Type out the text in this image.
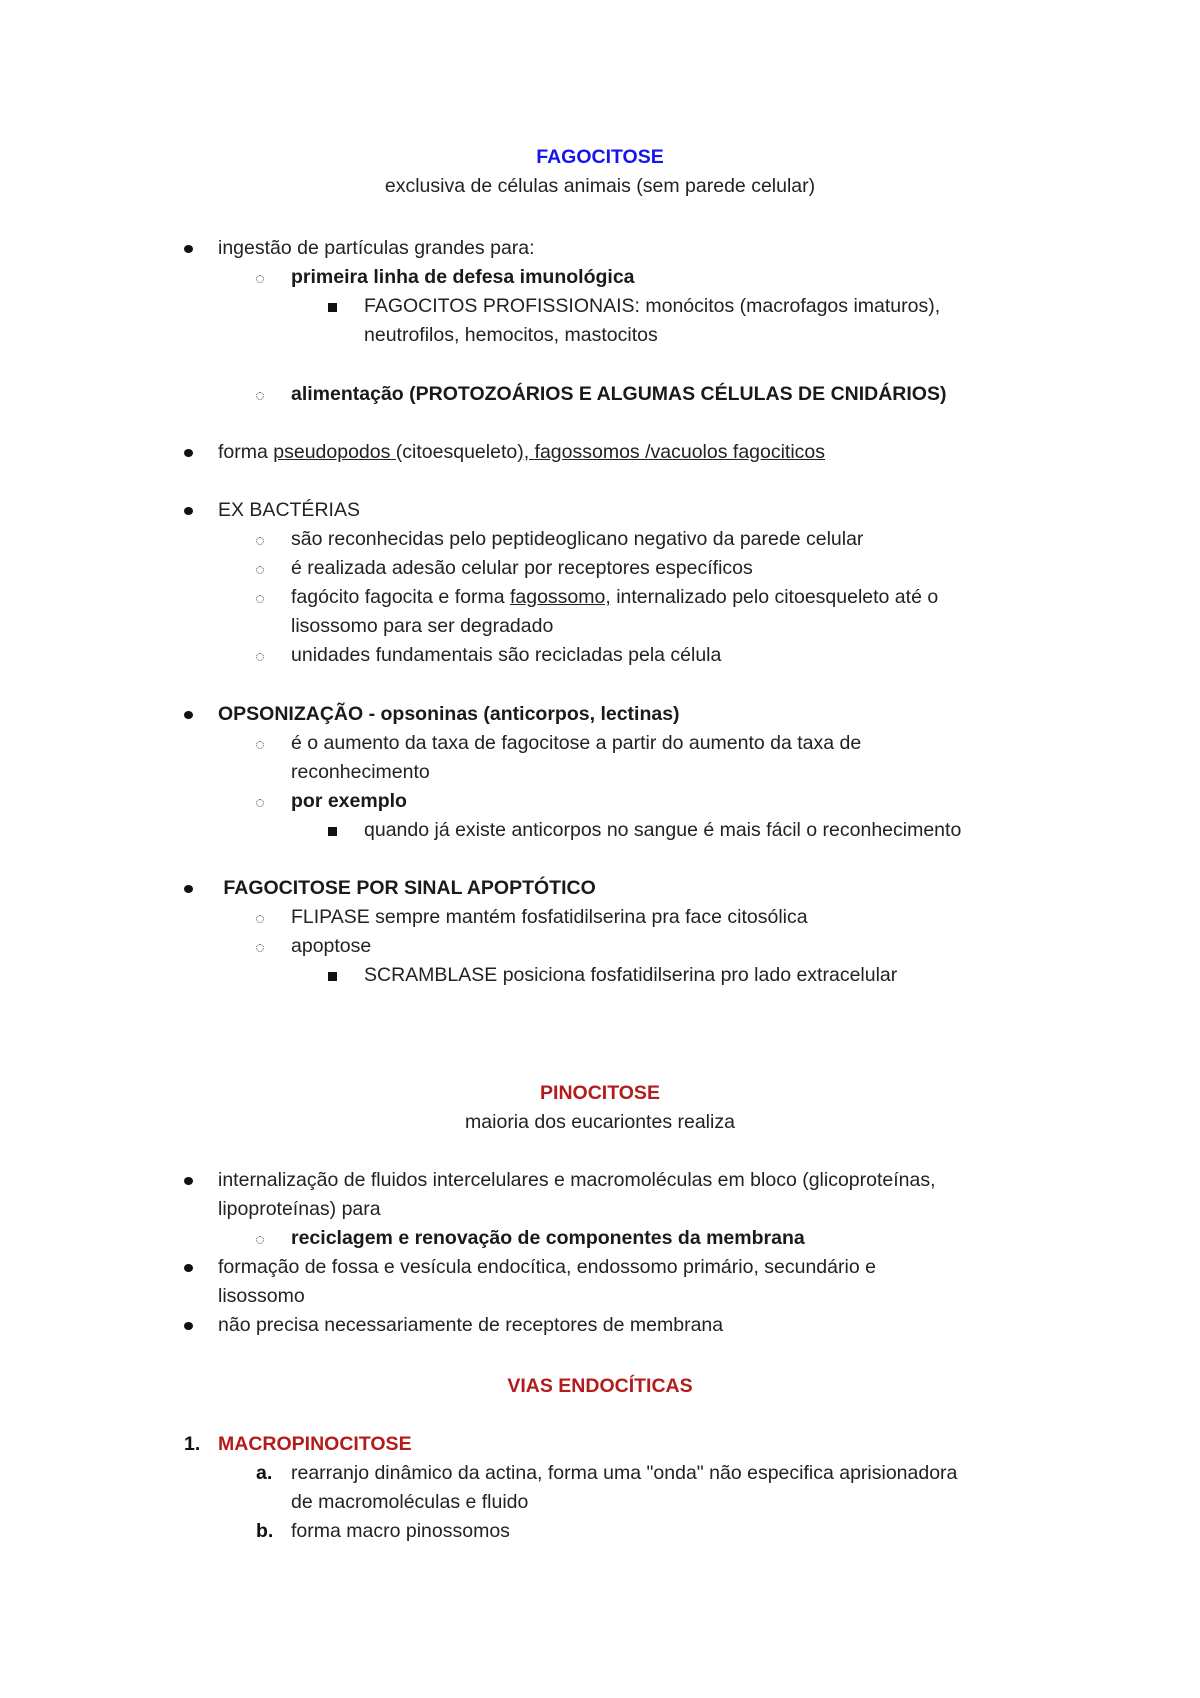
FAGOCITOSE
exclusiva de células animais (sem parede celular)
ingestão de partículas grandes para:
primeira linha de defesa imunológica
FAGOCITOS PROFISSIONAIS: monócitos (macrofagos imaturos),
neutrofilos, hemocitos, mastocitos
alimentação (PROTOZOÁRIOS E ALGUMAS CÉLULAS DE CNIDÁRIOS)
forma pseudopodos (citoesqueleto), fagossomos /vacuolos fagociticos
EX BACTÉRIAS
são reconhecidas pelo peptideoglicano negativo da parede celular
é realizada adesão celular por receptores específicos
fagócito fagocita e forma fagossomo, internalizado pelo citoesqueleto até o
lisossomo para ser degradado
unidades fundamentais são recicladas pela célula
OPSONIZAÇÃO - opsoninas (anticorpos, lectinas)
é o aumento da taxa de fagocitose a partir do aumento da taxa de
reconhecimento
por exemplo
quando já existe anticorpos no sangue é mais fácil o reconhecimento
FAGOCITOSE POR SINAL APOPTÓTICO
FLIPASE sempre mantém fosfatidilserina pra face citosólica
apoptose
SCRAMBLASE posiciona fosfatidilserina pro lado extracelular
PINOCITOSE
maioria dos eucariontes realiza
internalização de fluidos intercelulares e macromoléculas em bloco (glicoproteínas,
lipoproteínas) para
reciclagem e renovação de componentes da membrana
formação de fossa e vesícula endocítica, endossomo primário, secundário e
lisossomo
não precisa necessariamente de receptores de membrana
VIAS ENDOCÍTICAS
1. MACROPINOCITOSE
a. rearranjo dinâmico da actina, forma uma "onda" não especifica aprisionadora
de macromoléculas e fluido
b. forma macro pinossomos
